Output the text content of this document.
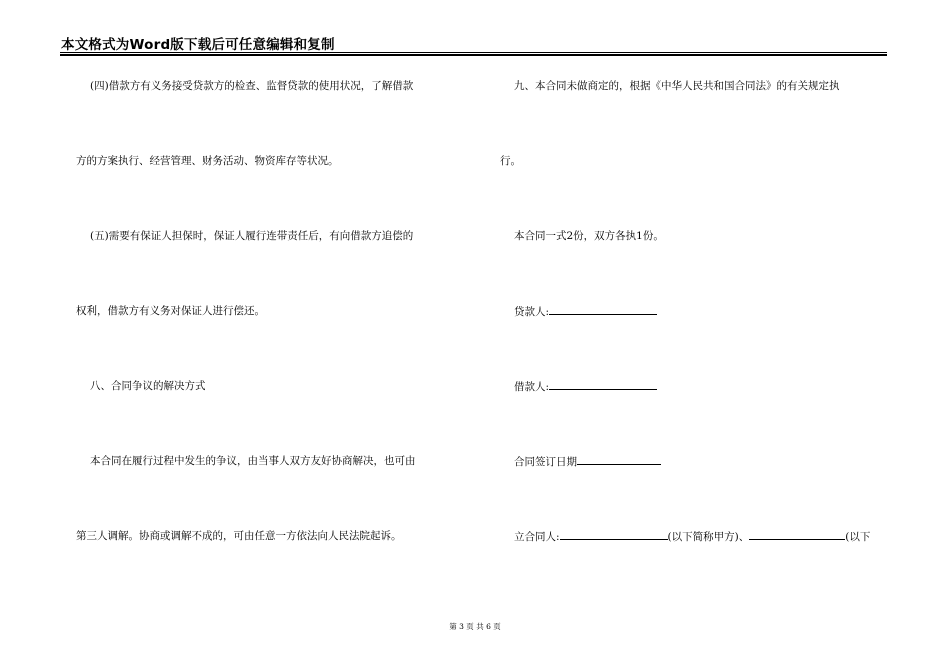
本文格式为Word版下载后可任意编辑和复制
(四)借款方有义务接受贷款方的检查、监督贷款的使用状况，了解借款
方的方案执行、经营管理、财务活动、物资库存等状况。
(五)需要有保证人担保时，保证人履行连带责任后，有向借款方追偿的
权利，借款方有义务对保证人进行偿还。
八、合同争议的解决方式
本合同在履行过程中发生的争议，由当事人双方友好协商解决，也可由
第三人调解。协商或调解不成的，可由任意一方依法向人民法院起诉。
九、本合同未做商定的，根据《中华人民共和国合同法》的有关规定执
行。
本合同一式2份，双方各执1份。
贷款人:
借款人:
合同签订日期
立合同人:	(以下简称甲方)、	(以下
第 3 页 共 6 页
